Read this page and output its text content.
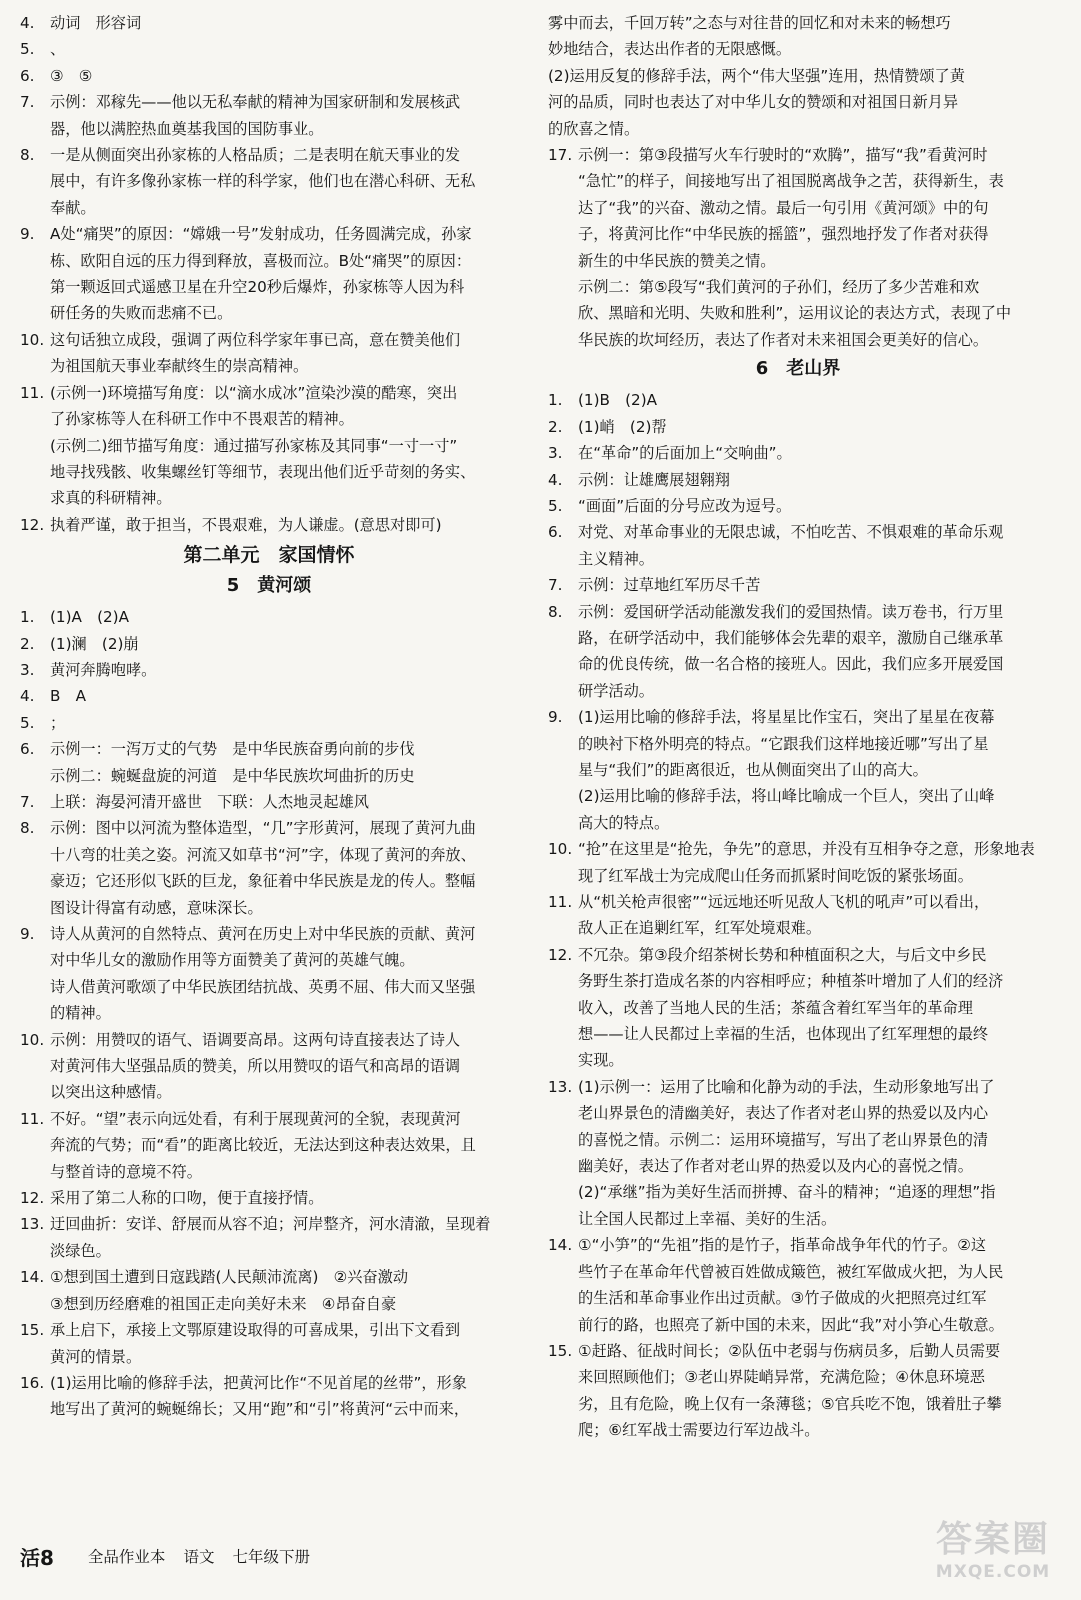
4.	动词　形容词
5.	、
6.	③　⑤
7.	示例：邓稼先——他以无私奉献的精神为国家研制和发展核武
器，他以满腔热血奠基我国的国防事业。
8.	一是从侧面突出孙家栋的人格品质；二是表明在航天事业的发
展中，有许多像孙家栋一样的科学家，他们也在潜心科研、无私
奉献。
9.	A处“痛哭”的原因：“嫦娥一号”发射成功，任务圆满完成，孙家
栋、欧阳自远的压力得到释放，喜极而泣。B处“痛哭”的原因：
第一颗返回式遥感卫星在升空20秒后爆炸，孙家栋等人因为科
研任务的失败而悲痛不已。
10. 这句话独立成段，强调了两位科学家年事已高，意在赞美他们
为祖国航天事业奉献终生的崇高精神。
11. (示例一)环境描写角度：以“滴水成冰”渲染沙漠的酷寒，突出
了孙家栋等人在科研工作中不畏艰苦的精神。
(示例二)细节描写角度：通过描写孙家栋及其同事“一寸一寸”
地寻找残骸、收集螺丝钉等细节，表现出他们近乎苛刻的务实、
求真的科研精神。
12. 执着严谨，敢于担当，不畏艰难，为人谦虚。(意思对即可)
第二单元　家国情怀
5　黄河颂
1.	(1)A　(2)A
2.	(1)澜　(2)崩
3.	黄河奔腾咆哮。
4.	B　A
5.	；
6.	示例一：一泻万丈的气势　是中华民族奋勇向前的步伐
示例二：蜿蜒盘旋的河道　是中华民族坎坷曲折的历史
7.	上联：海晏河清开盛世　下联：人杰地灵起雄风
8.	示例：图中以河流为整体造型，“几”字形黄河，展现了黄河九曲
十八弯的壮美之姿。河流又如草书“河”字，体现了黄河的奔放、
豪迈；它还形似飞跃的巨龙，象征着中华民族是龙的传人。整幅
图设计得富有动感，意味深长。
9.	诗人从黄河的自然特点、黄河在历史上对中华民族的贡献、黄河
对中华儿女的激励作用等方面赞美了黄河的英雄气魄。
诗人借黄河歌颂了中华民族团结抗战、英勇不屈、伟大而又坚强
的精神。
10. 示例：用赞叹的语气、语调要高昂。这两句诗直接表达了诗人
对黄河伟大坚强品质的赞美，所以用赞叹的语气和高昂的语调
以突出这种感情。
11. 不好。“望”表示向远处看，有利于展现黄河的全貌，表现黄河
奔流的气势；而“看”的距离比较近，无法达到这种表达效果，且
与整首诗的意境不符。
12. 采用了第二人称的口吻，便于直接抒情。
13. 迂回曲折：安详、舒展而从容不迫；河岸整齐，河水清澈，呈现着
淡绿色。
14. ①想到国土遭到日寇践踏(人民颠沛流离)　②兴奋激动
③想到历经磨难的祖国正走向美好未来　④昂奋自豪
15. 承上启下，承接上文鄂原建设取得的可喜成果，引出下文看到
黄河的情景。
16. (1)运用比喻的修辞手法，把黄河比作“不见首尾的丝带”，形象
地写出了黄河的蜿蜒绵长；又用“跑”和“引”将黄河“云中而来，
雾中而去，千回万转”之态与对往昔的回忆和对未来的畅想巧
妙地结合，表达出作者的无限感慨。
(2)运用反复的修辞手法，两个“伟大坚强”连用，热情赞颂了黄
河的品质，同时也表达了对中华儿女的赞颂和对祖国日新月异
的欣喜之情。
17. 示例一：第③段描写火车行驶时的“欢腾”，描写“我”看黄河时
“急忙”的样子，间接地写出了祖国脱离战争之苦，获得新生，表
达了“我”的兴奋、激动之情。最后一句引用《黄河颂》中的句
子，将黄河比作“中华民族的摇篮”，强烈地抒发了作者对获得
新生的中华民族的赞美之情。
示例二：第⑤段写“我们黄河的子孙们，经历了多少苦难和欢
欣、黑暗和光明、失败和胜利”，运用议论的表达方式，表现了中
华民族的坎坷经历，表达了作者对未来祖国会更美好的信心。
6　老山界
1.	(1)B　(2)A
2.	(1)峭　(2)帮
3.	在“革命”的后面加上“交响曲”。
4.	示例：让雄鹰展翅翱翔
5.	“画面”后面的分号应改为逗号。
6.	对党、对革命事业的无限忠诚，不怕吃苦、不惧艰难的革命乐观
主义精神。
7.	示例：过草地红军历尽千苦
8.	示例：爱国研学活动能激发我们的爱国热情。读万卷书，行万里
路，在研学活动中，我们能够体会先辈的艰辛，激励自己继承革
命的优良传统，做一名合格的接班人。因此，我们应多开展爱国
研学活动。
9.	(1)运用比喻的修辞手法，将星星比作宝石，突出了星星在夜幕
的映衬下格外明亮的特点。“它跟我们这样地接近哪”写出了星
星与“我们”的距离很近，也从侧面突出了山的高大。
(2)运用比喻的修辞手法，将山峰比喻成一个巨人，突出了山峰
高大的特点。
10. “抢”在这里是“抢先，争先”的意思，并没有互相争夺之意，形象地表
现了红军战士为完成爬山任务而抓紧时间吃饭的紧张场面。
11. 从“机关枪声很密”“远远地还听见敌人飞机的吼声”可以看出，
敌人正在追剿红军，红军处境艰难。
12. 不冗杂。第③段介绍茶树长势和种植面积之大，与后文中乡民
务野生茶打造成名茶的内容相呼应；种植茶叶增加了人们的经济
收入，改善了当地人民的生活；茶蕴含着红军当年的革命理
想——让人民都过上幸福的生活，也体现出了红军理想的最终
实现。
13. (1)示例一：运用了比喻和化静为动的手法，生动形象地写出了
老山界景色的清幽美好，表达了作者对老山界的热爱以及内心
的喜悦之情。示例二：运用环境描写，写出了老山界景色的清
幽美好，表达了作者对老山界的热爱以及内心的喜悦之情。
(2)“承继”指为美好生活而拼搏、奋斗的精神；“追逐的理想”指
让全国人民都过上幸福、美好的生活。
14. ①“小笋”的“先祖”指的是竹子，指革命战争年代的竹子。②这
些竹子在革命年代曾被百姓做成簸笆，被红军做成火把，为人民
的生活和革命事业作出过贡献。③竹子做成的火把照亮过红军
前行的路，也照亮了新中国的未来，因此“我”对小笋心生敬意。
15. ①赶路、征战时间长；②队伍中老弱与伤病员多，后勤人员需要
来回照顾他们；③老山界陡峭异常，充满危险；④休息环境恶
劣，且有危险，晚上仅有一条薄毯；⑤官兵吃不饱，饿着肚子攀
爬；⑥红军战士需要边行军边战斗。
活8 全品作业本 语文 七年级下册	答案圈
MXQE.COM
